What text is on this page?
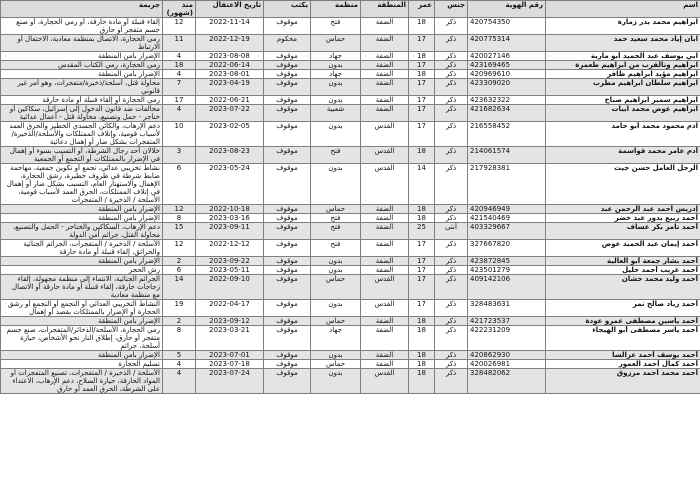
اسم	رقم الهوية	جنس	عمر	المنطقة	منظمة	يكتب	تاريخ الاعتقال	منذ (شهور)	جريمة
ابراهيم محمد بدر زمارة	420754350	ذكر	18	الضفة	فتح	موقوف	2022-11-14	12	إلقاء قنبلة أو مادة حارقة، أو رمي الحجارة، أو صنع جسم متفجر أو حارق
ابان إياد محمد سعيد حمد	420775314	ذكر	17	الضفة	حماس	محكوم	2022-12-19	11	رمي الحجارة، الاتصال بمنظمة معادية، الاحتفال أو الارتباط
ابي يوسف عبد الحميد أبو مارية	420027146	ذكر	18	الضفة	جهاد	موقوف	2023-08-08	4	الإضرار بأمن المنطقة
ابراهيم ونالقرب من ابراهيم طعمرة	423169465	ذكر	17	الضفة	بدون	موقوف	2022-06-14	18	رمي الحجارة، رمي الكتاب المقدس
ابراهيم مؤيد ابراهيم ظافر	420969610	ذكر	18	الضفة	جهاد	موقوف	2023-08-01	4	الإضرار بأمن المنطقة
ابراهيم سلطان ابراهيم مطرب	423309020	ذكر	17	الضفة	بدون	موقوف	2023-04-19	7	محاولة قتل، أسلحة/ذخيرة/متفجرات، وهو أمر غير قانوني
ابراهيم سمير ابراهيم صباح	423632322	ذكر	17	الضفة	بدون	موقوف	2022-06-21	17	رمي الحجارة أو إلقاء قنبلة أو مادة حارقة
ابراهيم عوض محمد ابيات	421682634	ذكر	17	الضفة	شعبية	موقوف	2023-07-22	4	مخالفات ضد قانون الدخول إلى إسرائيل، سكاكين أو خناجر - حمل وتصنيع، محاولة قتل - أعمال عدائية
آدم محمود محمد أبو حامد	216558452	ذكر	17	القدس	بدون	موقوف	2023-02-05	10	دعم الإرهاب، والكائن الجسدي الخطير والحرق العمد لأسباب قومية، وإتلاف الممتلكات والأسلحة/الذخيرة/المتفجرات بشكل ضار أو إهمال دعائية
أدم عامر محمد قواسمة	214061574	ذكر	18	القدس	فتح	موقوف	2023-08-23	3	خلالان أحد رجال الشرطة، أو التسبب بسوء أو إهمال في الإضرار بالممتلكات أو التجمع أو الجمعية
الرجل العامل حسن جيث	217928381	ذكر	14	القدس	بدون	موقوف	2023-05-24	6	نشاط تخريبي عدائي، تجمع أو تكوين جمعية، مهاجمة ضابط شرطة في ظروف خطيرة، رشق الحجارة، الإهمال والاستهتار العام، التسبب بشكل ضار أو إهمال في إتلاف الممتلكات، الحرق العمد لأسباب قومية، الأسلحة / الذخيرة / المتفجرات
إدريس أحمد عبد الرحمن عبد	420946949	ذكر	18	الضفة	حماس	موقوف	2022-10-18	12	الإضرار بأمن المنطقة
أحمد ربيع بدور عبد خضر	421540469	ذكر	18	الضفة	فتح	موقوف	2023-03-16	8	الإضرار بأمن المنطقة
أحمد تامر بكر عساف	403329667	أنثى	25	الضفة	فتح	موقوف	2023-09-11	15	دعم الإرهاب، السكاكين والخناجر - الحمل والتصنيع، محاولة القتل، جرائم أمن الدولة
أحمد إيمان عبد الحميد عوض	327667820	ذكر	17	الضفة	فتح	موقوف	2022-12-12	12	الأسلحة / الذخيرة / المتفجرات، الجرائم الجنائية والحرائق، إلقاء قنبلة أو مادة حارقة
أحمد بشار جمعة أبو العالية	423872845	ذكر	17	الضفة	بدون	موقوف	2023-09-22	2	الإضرار بأمن المنطقة
أحمد غريب أحمد خليل	423501279	ذكر	17	الضفة	بدون	موقوف	2023-05-11	6	رش الحجر
أحمد وليد محمد خشان	409142106	ذكر	17	القدس	حماس	موقوف	2022-09-10	14	الجرائم الجنائية، الانتماء إلى منظمة مجهولة، إلقاء زجاجات حارقة، إلقاء قنبلة أو مادة حارقة أو الاتصال مع منظمة معادية
أحمد زياد صالح نمر	328483631	ذكر	17	القدس	بدون	موقوف	2022-04-17	19	النشاط التخريبي العدائي أو التجمع أو التجمع أو رشق الحجارة أو الإضرار بالممتلكات بقصد أو إهمال
أحمد ياسين مصطفى عمرو عودة	421723537	ذكر	18	الضفة	حماس	موقوف	2023-09-12	2	الإضرار بأمن المنطقة
أحمد ياسر مصطفى أبو الهيجاء	422231209	ذكر	18	الضفة	جهاد	موقوف	2023-03-21	8	رمي الحجارة، الأسلحة/الذخائر/المتفجرات، صنع جسم متفجر أو حارق، إطلاق النار نحو الأشخاص، حيازة أسلحة، جرائم
أحمد يوسف أحمد عزالسا	420862930	ذكر	18	الضفة	بدون	موقوف	2023-07-01	5	الإضرار بأمن المنطقة
أحمد كمال أحمد العمور	420026981	ذكر	18	الضفة	حماس	موقوف	2023-07-18	4	تسليم الحجارة
أحمد محمد أحمد مرزوق	328482062	ذكر	18	القدس	بدون	موقوف	2023-07-24	4	الأسلحة / الذخيرة / المتفجرات، تصنيع المتفجرات أو المواد الحارقة، حيازة السلاح، دعم الإرهاب، الاعتداء على الشرطة، الحرق العمد أو حارق
